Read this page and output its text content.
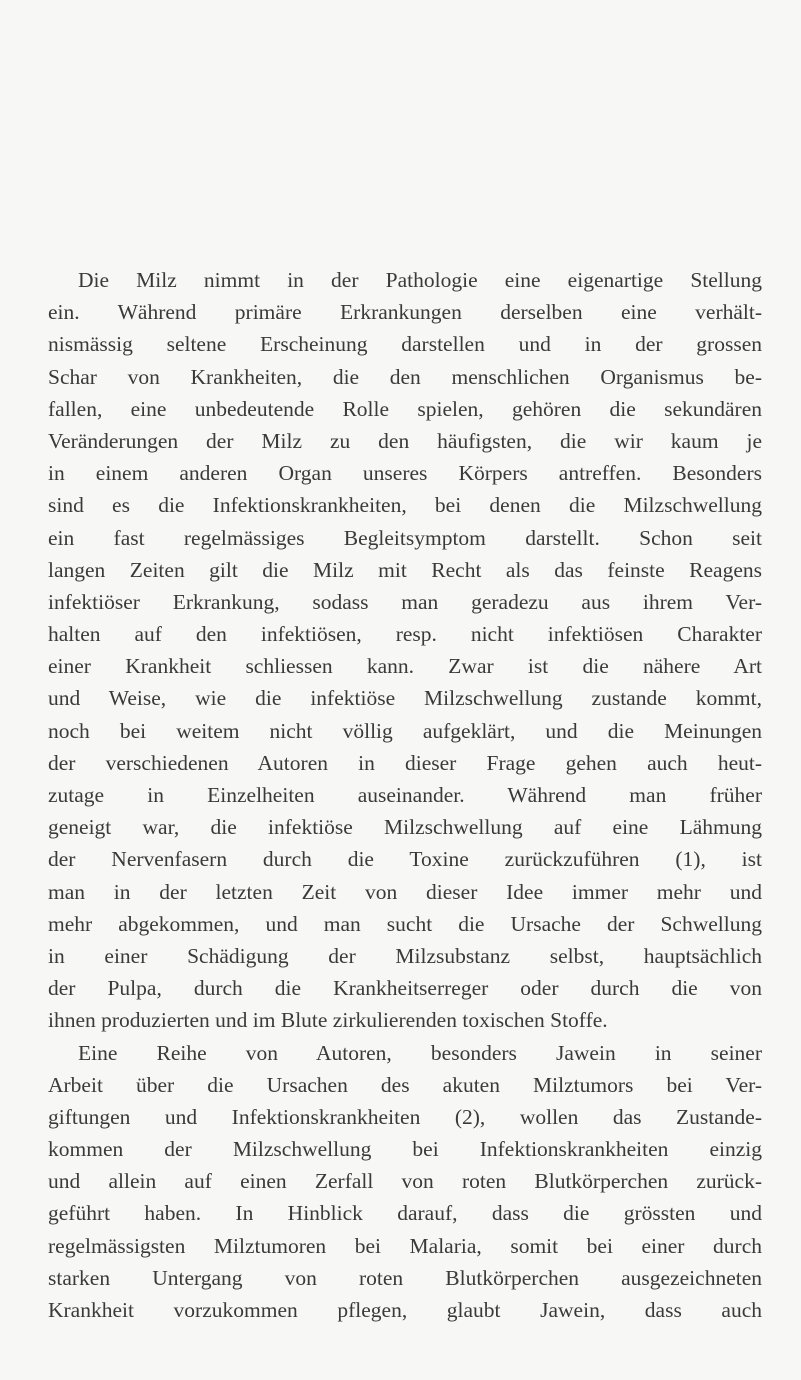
Die Milz nimmt in der Pathologie eine eigenartige Stellung
ein. Während primäre Erkrankungen derselben eine verhält-
nismässig seltene Erscheinung darstellen und in der grossen
Schar von Krankheiten, die den menschlichen Organismus be-
fallen, eine unbedeutende Rolle spielen, gehören die sekundären
Veränderungen der Milz zu den häufigsten, die wir kaum je
in einem anderen Organ unseres Körpers antreffen. Besonders
sind es die Infektionskrankheiten, bei denen die Milzschwellung
ein fast regelmässiges Begleitsymptom darstellt. Schon seit
langen Zeiten gilt die Milz mit Recht als das feinste Reagens
infektiöser Erkrankung, sodass man geradezu aus ihrem Ver-
halten auf den infektiösen, resp. nicht infektiösen Charakter
einer Krankheit schliessen kann. Zwar ist die nähere Art
und Weise, wie die infektiöse Milzschwellung zustande kommt,
noch bei weitem nicht völlig aufgeklärt, und die Meinungen
der verschiedenen Autoren in dieser Frage gehen auch heut-
zutage in Einzelheiten auseinander. Während man früher
geneigt war, die infektiöse Milzschwellung auf eine Lähmung
der Nervenfasern durch die Toxine zurückzuführen (1), ist
man in der letzten Zeit von dieser Idee immer mehr und
mehr abgekommen, und man sucht die Ursache der Schwellung
in einer Schädigung der Milzsubstanz selbst, hauptsächlich
der Pulpa, durch die Krankheitserreger oder durch die von
ihnen produzierten und im Blute zirkulierenden toxischen Stoffe.
Eine Reihe von Autoren, besonders Jawein in seiner
Arbeit über die Ursachen des akuten Milztumors bei Ver-
giftungen und Infektionskrankheiten (2), wollen das Zustande-
kommen der Milzschwellung bei Infektionskrankheiten einzig
und allein auf einen Zerfall von roten Blutkörperchen zurück-
geführt haben. In Hinblick darauf, dass die grössten und
regelmässigsten Milztumoren bei Malaria, somit bei einer durch
starken Untergang von roten Blutkörperchen ausgezeichneten
Krankheit vorzukommen pflegen, glaubt Jawein, dass auch
